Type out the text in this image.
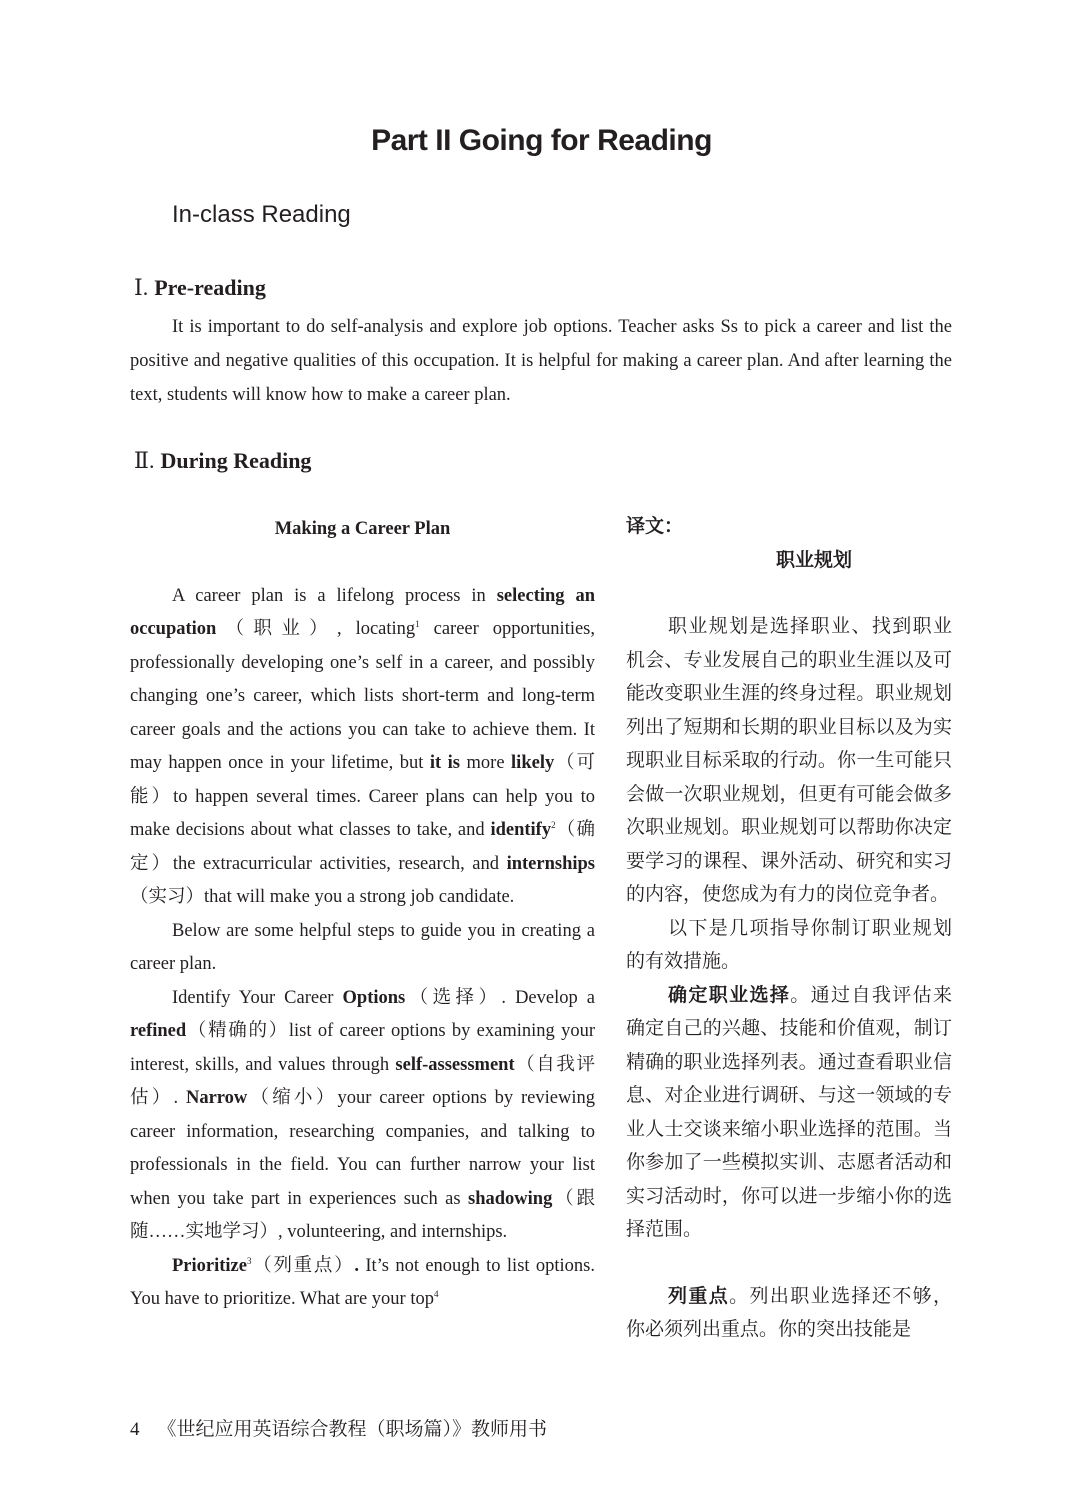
Part II Going for Reading
In-class Reading
Ⅰ. Pre-reading
It is important to do self-analysis and explore job options. Teacher asks Ss to pick a career and list the positive and negative qualities of this occupation. It is helpful for making a career plan. And after learning the text, students will know how to make a career plan.
Ⅱ. During Reading

Making a Career Plan

A career plan is a lifelong process in selecting an occupation（职业）, locating$^1$ career opportunities, professionally developing one’s self in a career, and possibly changing one’s career, which lists short-term and long-term career goals and the actions you can take to achieve them. It may happen once in your lifetime, but it is more likely（可能）to happen several times. Career plans can help you to make decisions about what classes to take, and identify$^2$（确定）the extracurricular activities, research, and internships（实习）that will make you a strong job candidate.

Below are some helpful steps to guide you in creating a career plan.

Identify Your Career Options（选择）. Develop a refined（精确的）list of career options by examining your interest, skills, and values through self-assessment（自我评估）. Narrow（缩小）your career options by reviewing career information, researching companies, and talking to professionals in the field. You can further narrow your list when you take part in experiences such as shadowing（跟随……实地学习）, volunteering, and internships.

Prioritize$^3$（列重点）. It’s not enough to list options. You have to prioritize. What are your top$^4$

译文：

职业规划

职业规划是选择职业、找到职业机会、专业发展自己的职业生涯以及可能改变职业生涯的终身过程。职业规划列出了短期和长期的职业目标以及为实现职业目标采取的行动。你一生可能只会做一次职业规划，但更有可能会做多次职业规划。职业规划可以帮助你决定要学习的课程、课外活动、研究和实习的内容，使您成为有力的岗位竞争者。

以下是几项指导你制订职业规划的有效措施。

确定职业选择。通过自我评估来确定自己的兴趣、技能和价值观，制订精确的职业选择列表。通过查看职业信息、对企业进行调研、与这一领域的专业人士交谈来缩小职业选择的范围。当你参加了一些模拟实训、志愿者活动和实习活动时，你可以进一步缩小你的选择范围。

列重点。列出职业选择还不够，你必须列出重点。你的突出技能是

4 《世纪应用英语综合教程（职场篇）》教师用书
